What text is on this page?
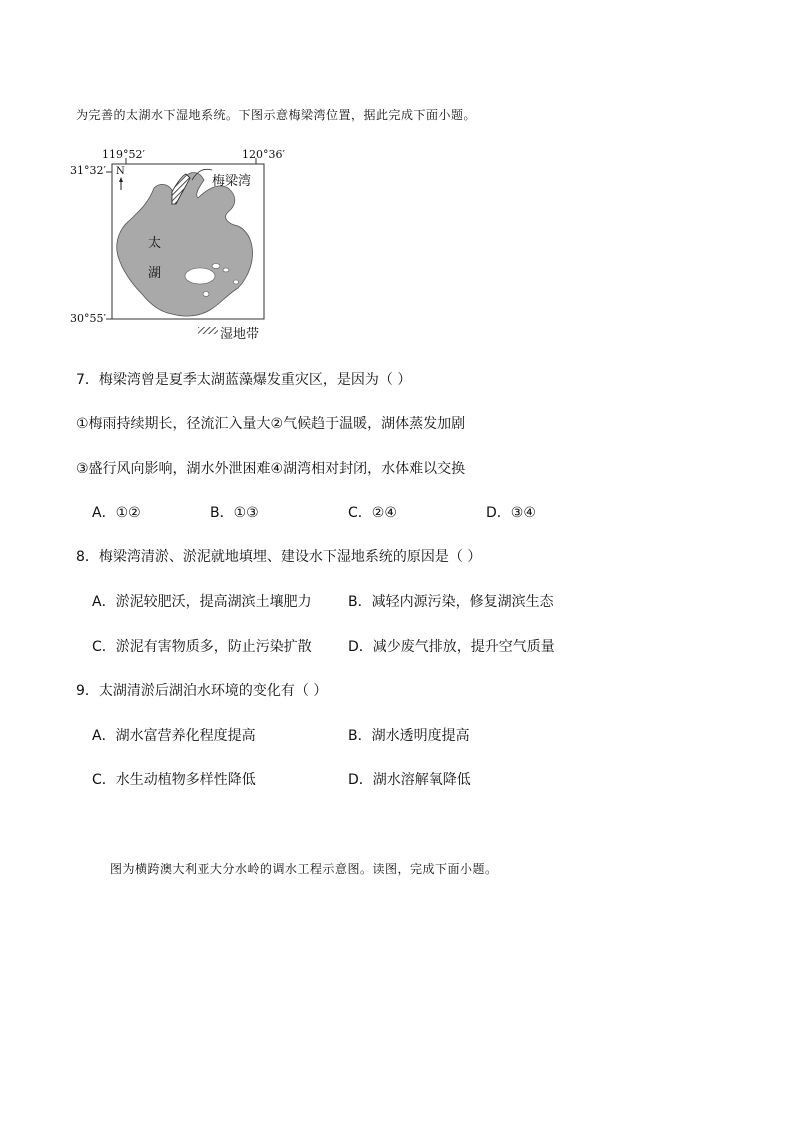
为完善的太湖水下湿地系统。下图示意梅梁湾位置，据此完成下面小题。
119°52′	120°36′
31°32′
30°55′
N
梅梁湾
太
湖
湿地带
7．梅梁湾曾是夏季太湖蓝藻爆发重灾区，是因为（ ）
①梅雨持续期长，径流汇入量大②气候趋于温暖，湖体蒸发加剧
③盛行风向影响，湖水外泄困难④湖湾相对封闭，水体难以交换
A．①②	B．①③	C．②④	D．③④
8．梅梁湾清淤、淤泥就地填埋、建设水下湿地系统的原因是（ ）
A．淤泥较肥沃，提高湖滨土壤肥力	B．减轻内源污染，修复湖滨生态
C．淤泥有害物质多，防止污染扩散	D．减少废气排放，提升空气质量
9．太湖清淤后湖泊水环境的变化有（ ）
A．湖水富营养化程度提高	B．湖水透明度提高
C．水生动植物多样性降低	D．湖水溶解氧降低
图为横跨澳大利亚大分水岭的调水工程示意图。读图，完成下面小题。
